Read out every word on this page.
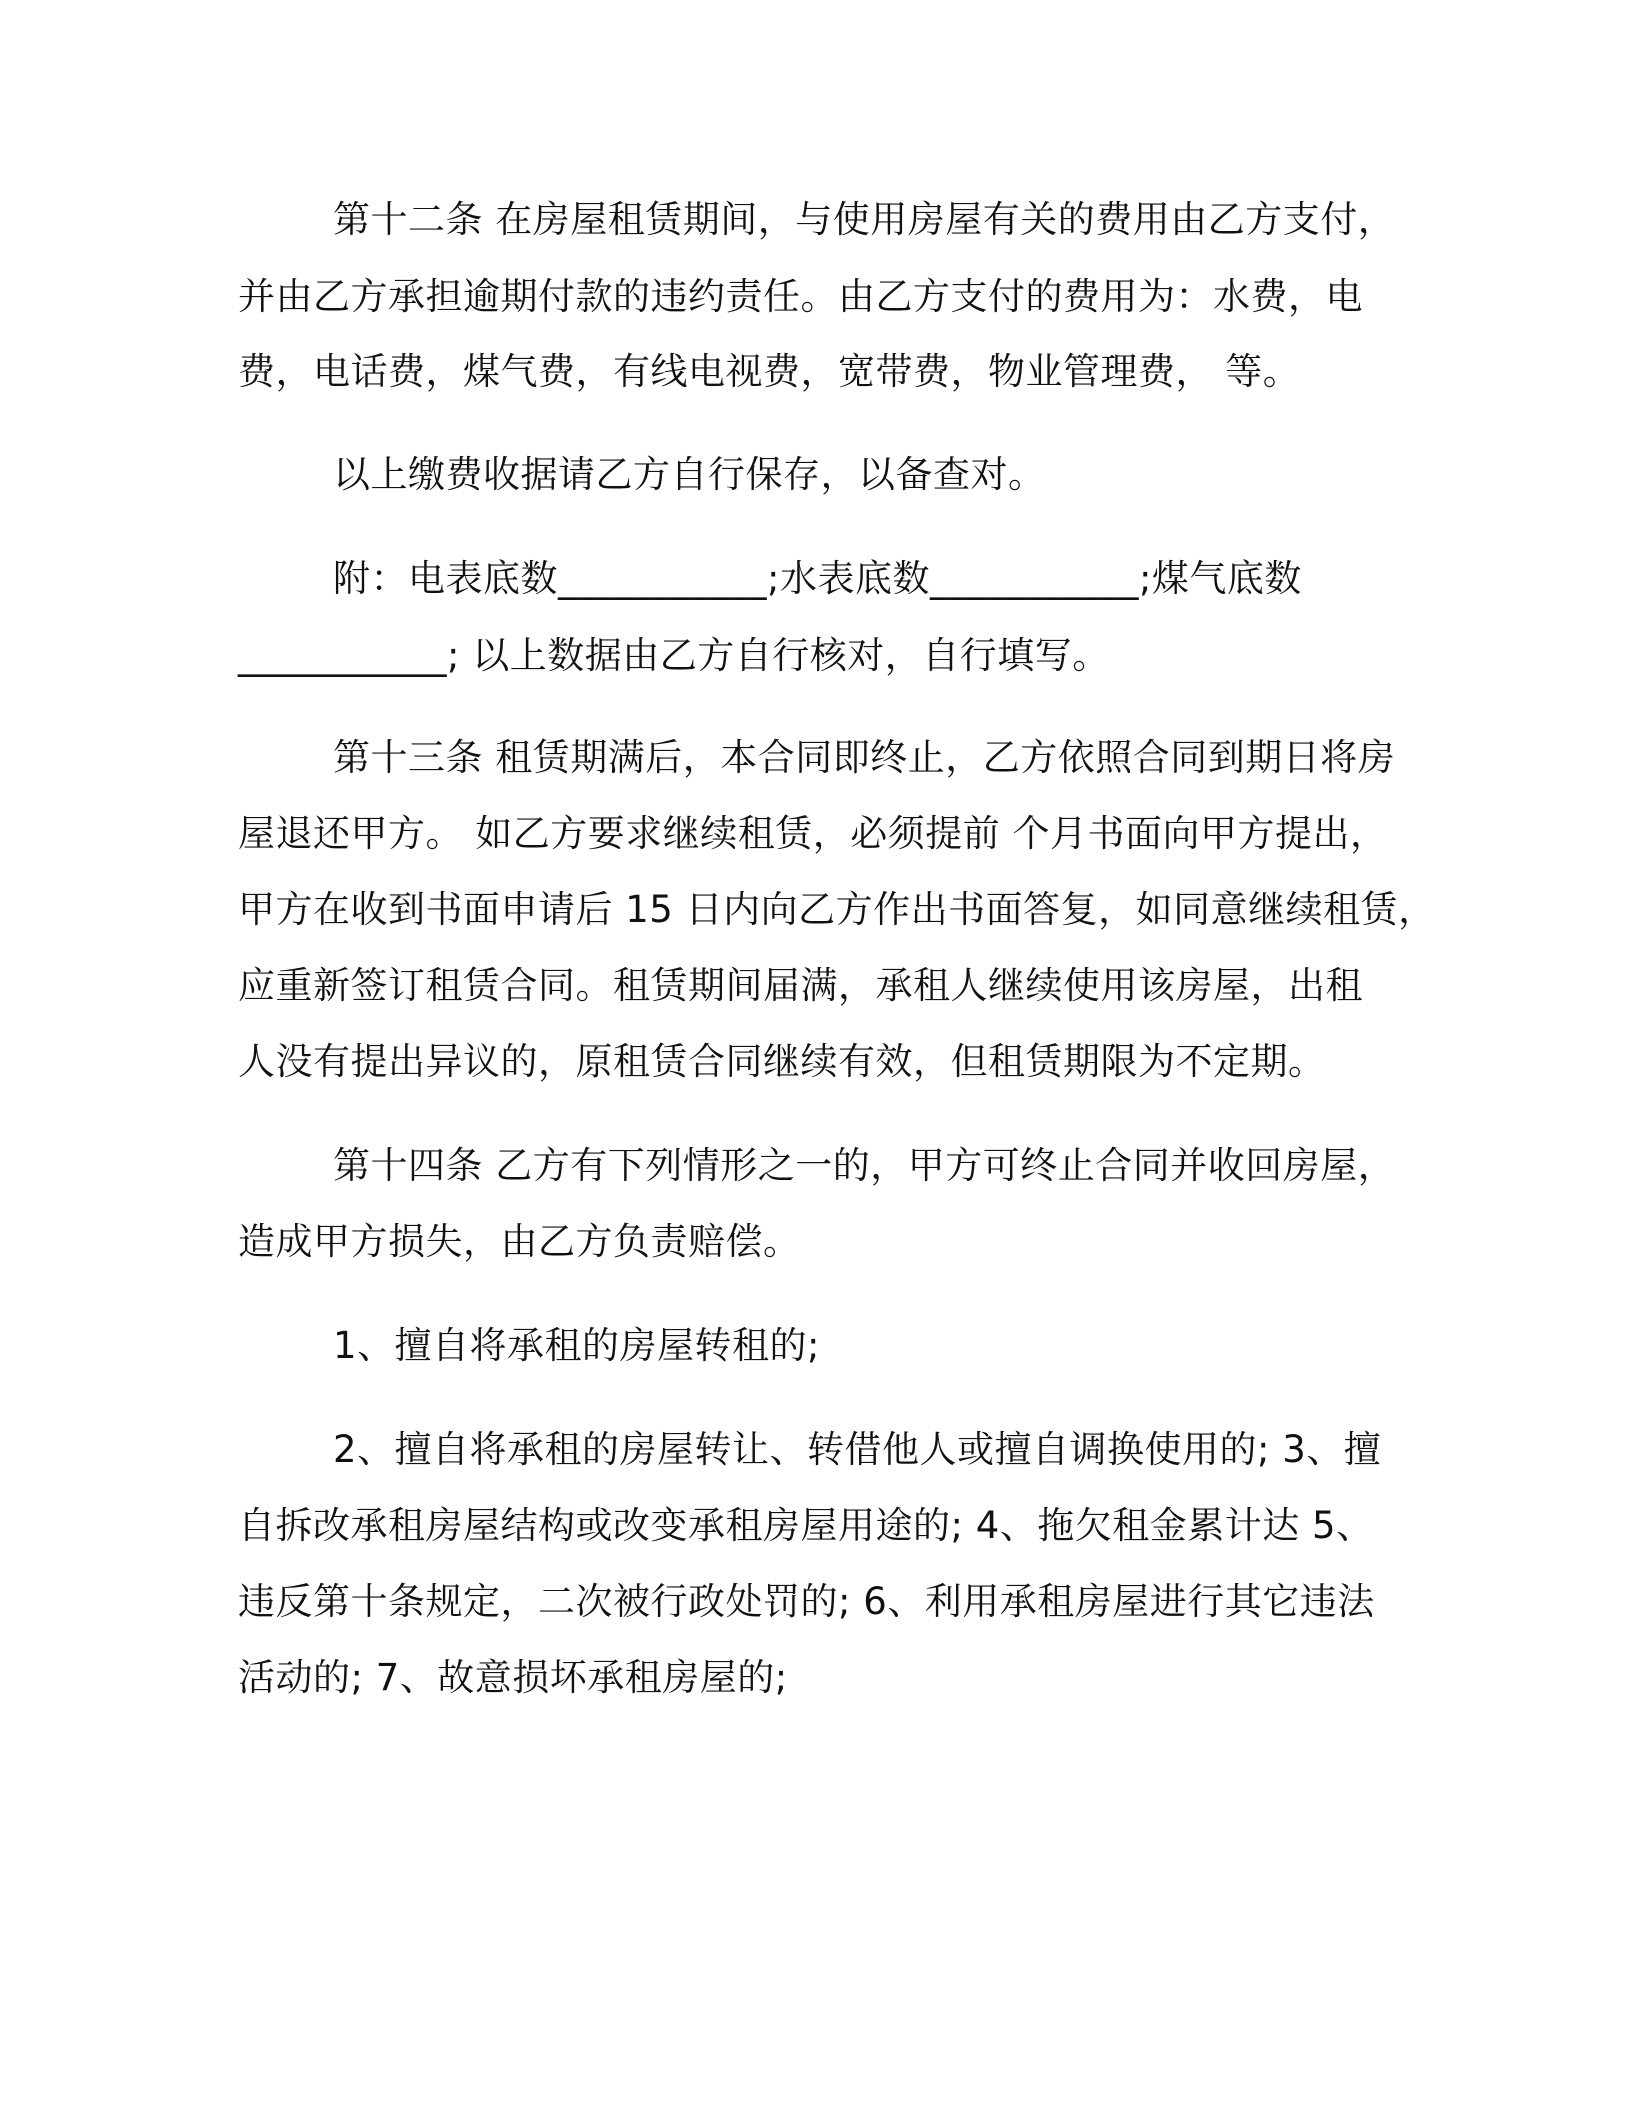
第十二条 在房屋租赁期间，与使用房屋有关的费用由乙方支付，

并由乙方承担逾期付款的违约责任。由乙方支付的费用为：水费，电

费，电话费，煤气费，有线电视费，宽带费，物业管理费， 等。

以上缴费收据请乙方自行保存，以备查对。

附：电表底数___________;水表底数___________;煤气底数

___________; 以上数据由乙方自行核对，自行填写。

第十三条 租赁期满后，本合同即终止，乙方依照合同到期日将房

屋退还甲方。 如乙方要求继续租赁，必须提前 个月书面向甲方提出，

甲方在收到书面申请后 15 日内向乙方作出书面答复，如同意继续租赁，

应重新签订租赁合同。租赁期间届满，承租人继续使用该房屋，出租

人没有提出异议的，原租赁合同继续有效，但租赁期限为不定期。

第十四条 乙方有下列情形之一的，甲方可终止合同并收回房屋，

造成甲方损失，由乙方负责赔偿。

1、擅自将承租的房屋转租的;

2、擅自将承租的房屋转让、转借他人或擅自调换使用的; 3、擅

自拆改承租房屋结构或改变承租房屋用途的; 4、拖欠租金累计达 5、

违反第十条规定，二次被行政处罚的; 6、利用承租房屋进行其它违法

活动的; 7、故意损坏承租房屋的;
